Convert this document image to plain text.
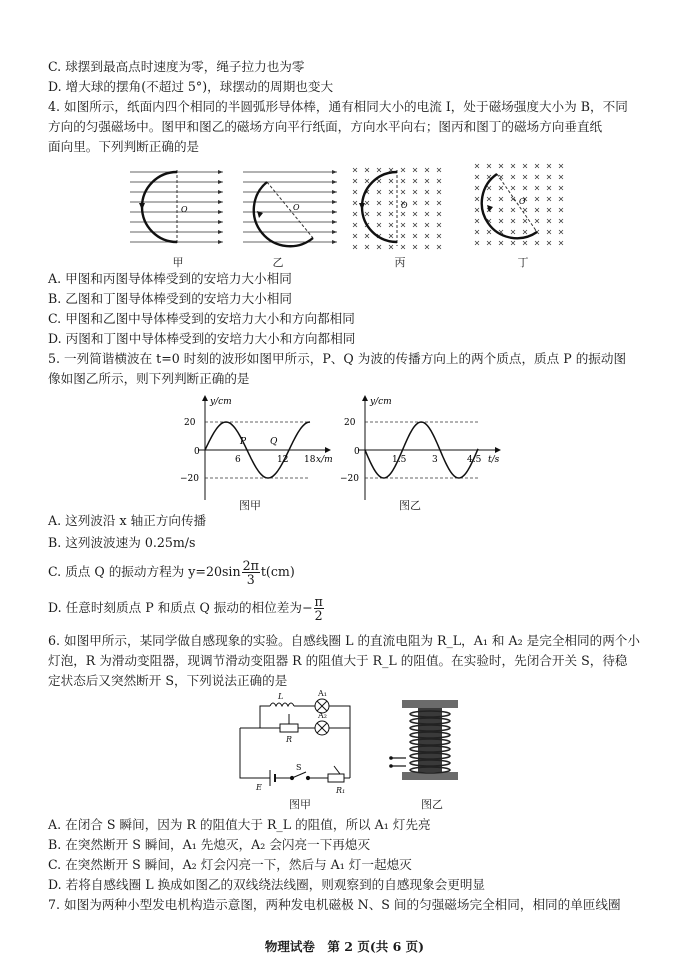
C. 球摆到最高点时速度为零，绳子拉力也为零
D. 增大球的摆角(不超过 5°)，球摆动的周期也变大
4. 如图所示，纸面内四个相同的半圆弧形导体棒，通有相同大小的电流 I，处于磁场强度大小为 B，不同
方向的匀强磁场中。图甲和图乙的磁场方向平行纸面，方向水平向右；图丙和图丁的磁场方向垂直纸
面向里。下列判断正确的是
O	O	O	O
甲	乙	丙	丁
A. 甲图和丙图导体棒受到的安培力大小相同
B. 乙图和丁图导体棒受到的安培力大小相同
C. 甲图和乙图中导体棒受到的安培力大小和方向都相同
D. 丙图和丁图中导体棒受到的安培力大小和方向都相同
5. 一列简谐横波在 t=0 时刻的波形如图甲所示，P、Q 为波的传播方向上的两个质点，质点 P 的振动图
像如图乙所示，则下列判断正确的是
y/cm
x/m
20
0
−20
6	12 18
P	Q
y/cm
t/s
20
0
−20
1.5	3	4.5
图甲	图乙
A. 这列波沿 x 轴正方向传播
B. 这列波波速为 0.25m/s
C. 质点 Q 的振动方程为 $y=20\sin \frac{2\pi}{3} t(cm)$
D. 任意时刻质点 P 和质点 Q 振动的相位差为− $\frac{\pi}{2}$
6. 如图甲所示，某同学做自感现象的实验。自感线圈 L 的直流电阻为 R_L，A₁ 和 A₂ 是完全相同的两个小
灯泡，R 为滑动变阻器，现调节滑动变阻器 R 的阻值大于 R_L 的阻值。在实验时，先闭合开关 S，待稳
定状态后又突然断开 S，下列说法正确的是
L	A₁
A₂
R
E
S
R₁
图甲	图乙
A. 在闭合 S 瞬间，因为 R 的阻值大于 R_L 的阻值，所以 A₁ 灯先亮
B. 在突然断开 S 瞬间，A₁ 先熄灭，A₂ 会闪亮一下再熄灭
C. 在突然断开 S 瞬间，A₂ 灯会闪亮一下，然后与 A₁ 灯一起熄灭
D. 若将自感线圈 L 换成如图乙的双线绕法线圈，则观察到的自感现象会更明显
7. 如图为两种小型发电机构造示意图，两种发电机磁极 N、S 间的匀强磁场完全相同，相同的单匝线圈
物理试卷　第 2 页(共 6 页)
